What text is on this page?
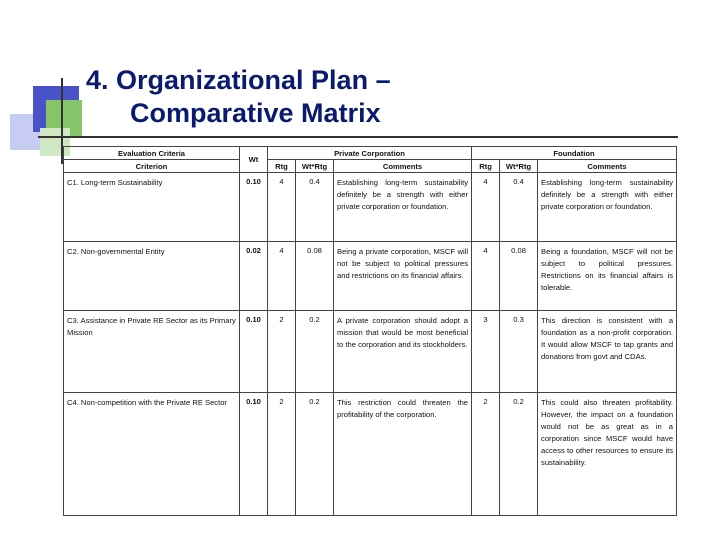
4. Organizational Plan –
Comparative Matrix
Evaluation Criteria	Wt	Private Corporation			Foundation		
Criterion		Rtg	Wt*Rtg	Comments	Rtg	Wt*Rtg	Comments
C1. Long-term Sustainability	0.10	4	0.4	Establishing long-term sustainability definitely be a strength with either private corporation or foundation.	4	0.4	Establishing long-term sustainability definitely be a strength with either private corporation or foundation.
C2. Non-governmental Entity	0.02	4	0.08	Being a private corporation, MSCF will not be subject to political pressures and restrictions on its financial affairs.	4	0.08	Being a foundation, MSCF will not be subject to political pressures. Restrictions on its financial affairs is tolerable.
C3. Assistance in Private RE Sector as its Primary Mission	0.10	2	0.2	A private corporation should adopt a mission that would be most beneficial to the corporation and its stockholders.	3	0.3	This direction is consistent with a foundation as a non-profit corporation. It would allow MSCF to tap grants and donations from govt and CDAs.
C4. Non-competition with the Private RE Sector	0.10	2	0.2	This restriction could threaten the profitability of the corporation.	2	0.2	This could also threaten profitability. However, the impact on a foundation would not be as great as in a corporation since MSCF would have access to other resources to ensure its sustainability.
